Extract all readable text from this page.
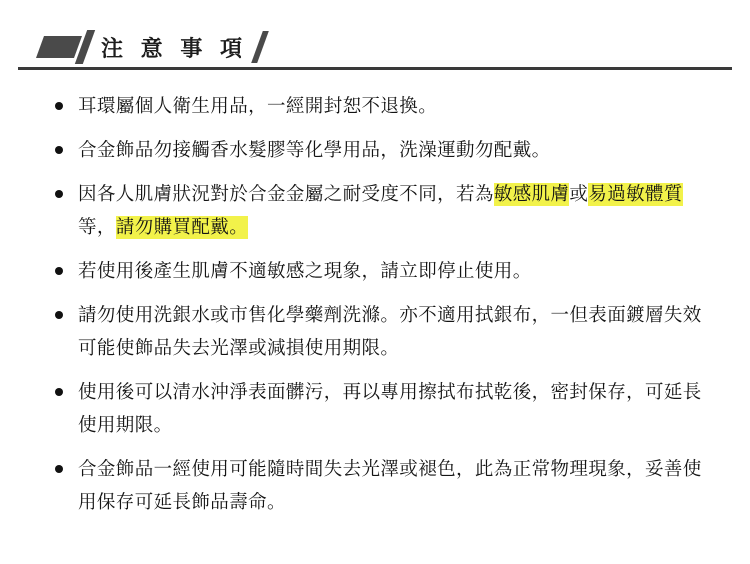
注 意 事 項
耳環屬個人衛生用品，一經開封恕不退換。
合金飾品勿接觸香水髮膠等化學用品，洗澡運動勿配戴。
因各人肌膚狀況對於合金金屬之耐受度不同，若為敏感肌膚或易過敏體質等，請勿購買配戴。
若使用後產生肌膚不適敏感之現象，請立即停止使用。
請勿使用洗銀水或市售化學藥劑洗滌。亦不適用拭銀布，一但表面鍍層失效可能使飾品失去光澤或減損使用期限。
使用後可以清水沖淨表面髒污，再以專用擦拭布拭乾後，密封保存，可延長使用期限。
合金飾品一經使用可能隨時間失去光澤或褪色，此為正常物理現象，妥善使用保存可延長飾品壽命。
